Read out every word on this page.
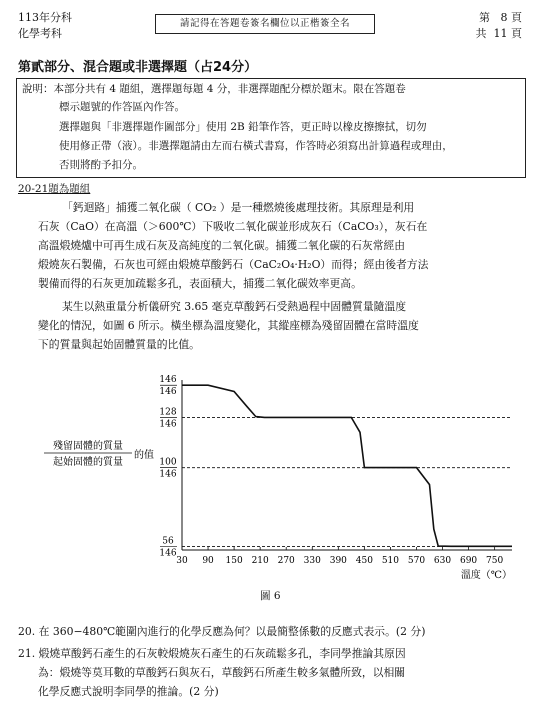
113年分科
化學考科
請記得在答題卷簽名欄位以正楷簽全名	第 8 頁
共 11 頁
第貳部分、混合題或非選擇題（占24分）
說明：本部分共有 4 題組，選擇題每題 4 分，非選擇題配分標於題末。限在答題卷
標示題號的作答區內作答。
選擇題與「非選擇題作圖部分」使用 2B 鉛筆作答，更正時以橡皮擦擦拭，切勿
使用修正帶（液）。非選擇題請由左而右橫式書寫，作答時必須寫出計算過程或理由，
否則將酌予扣分。
20-21題為題組
「鈣迴路」捕獲二氧化碳（ CO₂ ）是一種燃燒後處理技術。其原理是利用
石灰（CaO）在高溫（＞600℃）下吸收二氧化碳並形成灰石（CaCO₃），灰石在
高溫煅燒爐中可再生成石灰及高純度的二氧化碳。捕獲二氧化碳的石灰常經由
煅燒灰石製備，石灰也可經由煅燒草酸鈣石（CaC₂O₄·H₂O）而得；經由後者方法
製備而得的石灰更加疏鬆多孔，表面積大，捕獲二氧化碳效率更高。
某生以熱重量分析儀研究 3.65 毫克草酸鈣石受熱過程中固體質量隨溫度
變化的情況，如圖 6 所示。橫坐標為溫度變化，其縱座標為殘留固體在當時溫度
下的質量與起始固體質量的比值。
146
146
128
146
100
146
56
146
30 90 150 210 270 330 390 450 510 570 630 690 750
殘留固體的質量
起始固體的質量
的值
溫度（℃）
圖 6
20. 在 360−480℃範圍內進行的化學反應為何？以最簡整係數的反應式表示。(2 分)
21. 煅燒草酸鈣石產生的石灰較煅燒灰石產生的石灰疏鬆多孔，李同學推論其原因
為：煅燒等莫耳數的草酸鈣石與灰石，草酸鈣石所產生較多氣體所致，以相關
化學反應式說明李同學的推論。(2 分)
